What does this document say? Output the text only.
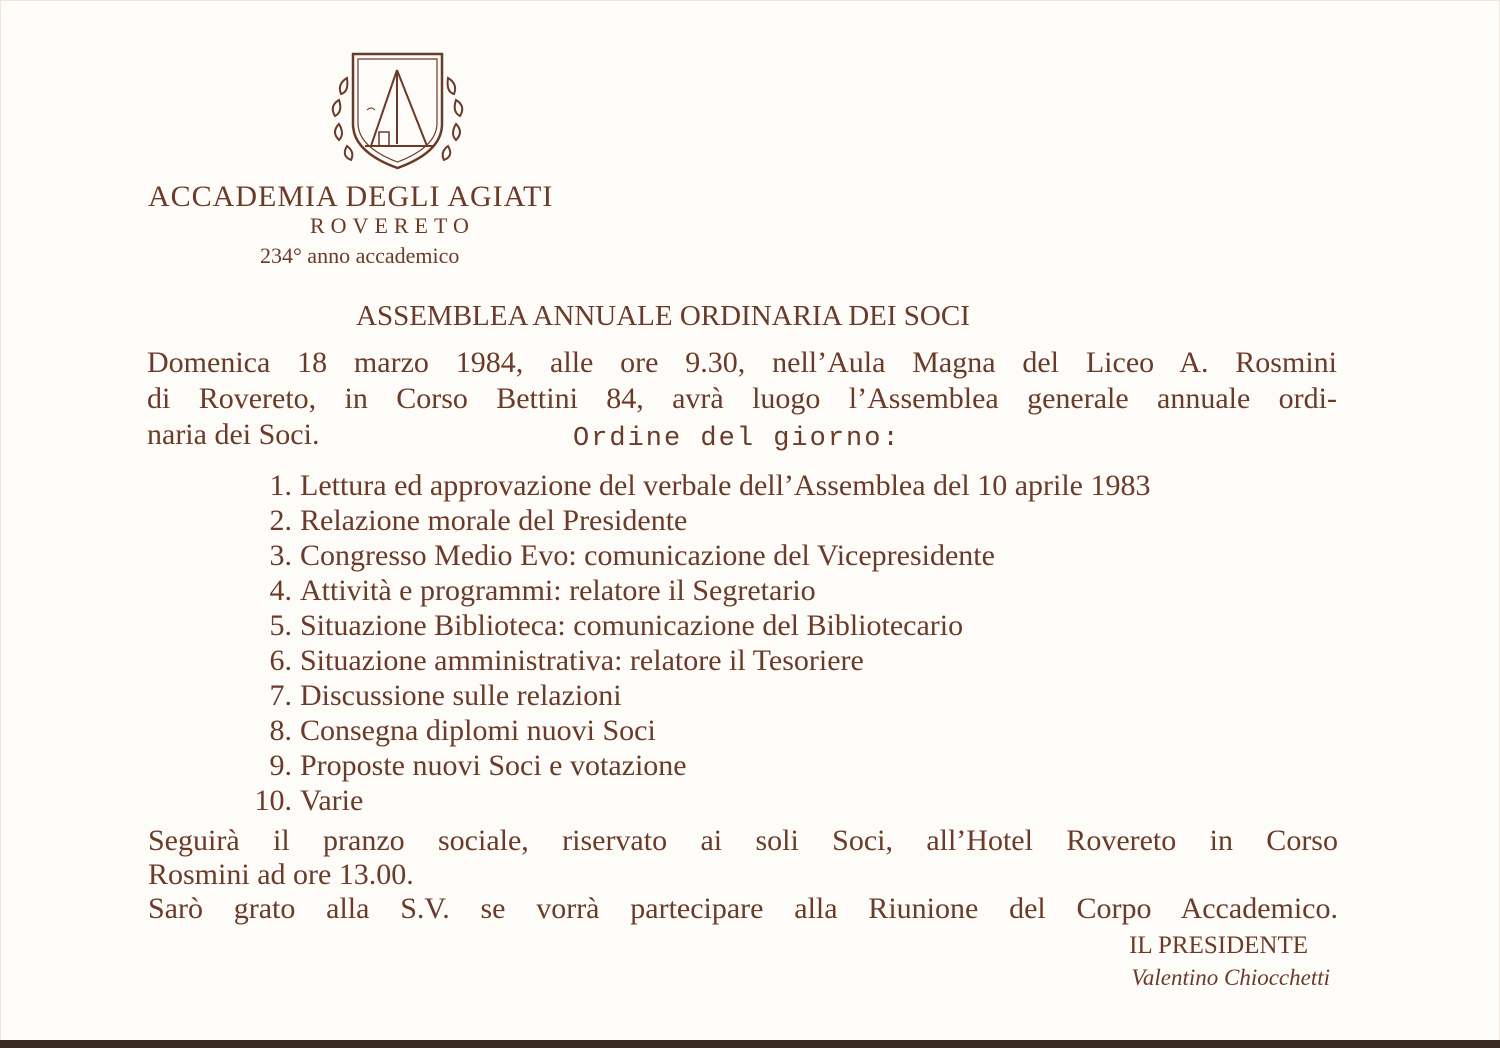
ACCADEMIA DEGLI AGIATI
ROVERETO
234° anno accademico
ASSEMBLEA ANNUALE ORDINARIA DEI SOCI
Domenica 18 marzo 1984, alle ore 9.30, nell’Aula Magna del Liceo A. Rosmini
di Rovereto, in Corso Bettini 84, avrà luogo l’Assemblea generale annuale ordi-
naria dei Soci.	Ordine del giorno:
1. Lettura ed approvazione del verbale dell’Assemblea del 10 aprile 1983
2. Relazione morale del Presidente
3. Congresso Medio Evo: comunicazione del Vicepresidente
4. Attività e programmi: relatore il Segretario
5. Situazione Biblioteca: comunicazione del Bibliotecario
6. Situazione amministrativa: relatore il Tesoriere
7. Discussione sulle relazioni
8. Consegna diplomi nuovi Soci
9. Proposte nuovi Soci e votazione
10. Varie
Seguirà il pranzo sociale, riservato ai soli Soci, all’Hotel Rovereto in Corso
Rosmini ad ore 13.00.
Sarò grato alla S.V. se vorrà partecipare alla Riunione del Corpo Accademico.
IL PRESIDENTE
Valentino Chiocchetti
